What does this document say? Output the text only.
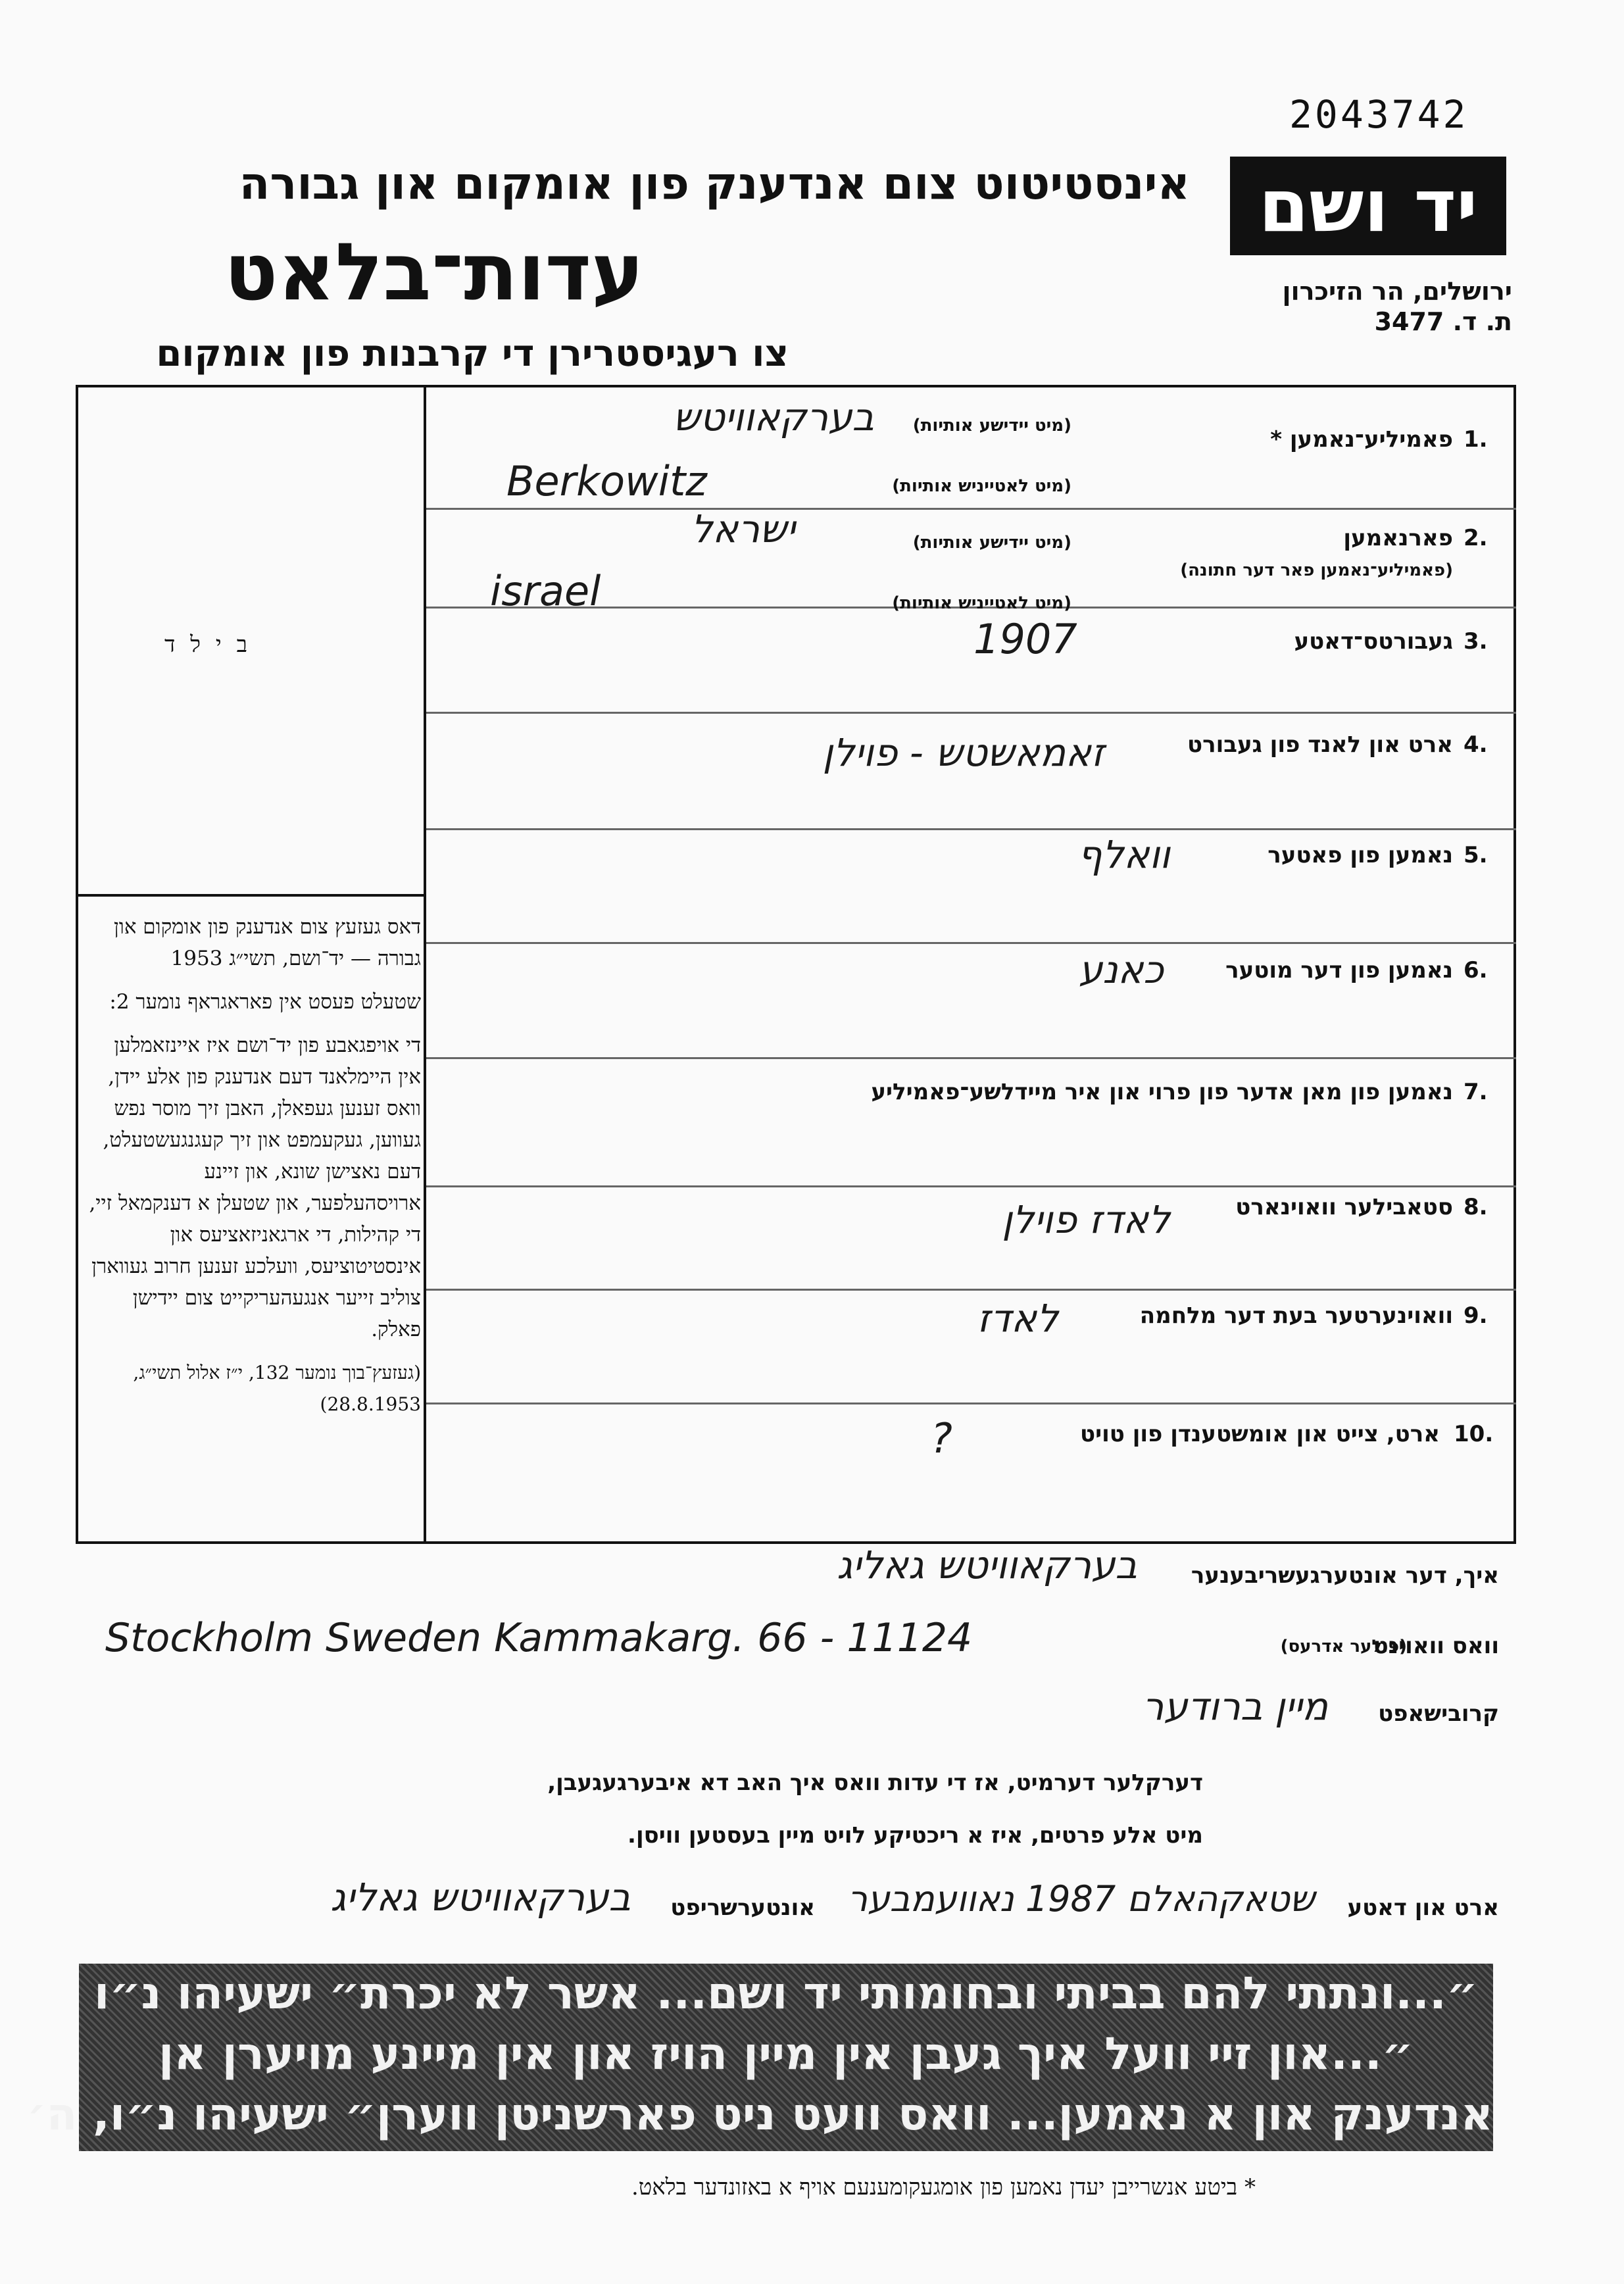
2043742
יד ושם
ירושלים, הר הזיכרון
ת. ד. 3477
אינסטיטוט צום אנדענק פון אומקום און גבורה
עדות־בלאט
צו רעגיסטרירן די קרבנות פון אומקום
ב י ל ד
דאס געזעץ צום אנדענק פון אומקום און גבורה — יד־ושם, תשי״ג 1953
שטעלט פעסט אין פאראגראף נומער 2:
די אויפגאבע פון יד־ושם איז איינזאמלען אין היימלאנד דעם אנדענק פון אלע יידן, וואס זענען געפאלן, האבן זיך מוסר נפש געווען, געקעמפט און זיך קעגנגעשטעלט, דעם נאצישן שונא, און זיינע ארויסהעלפער, און שטעלן א דענקמאל זיי, די קהילות, די ארגאניזאציעס און אינסטיטוציעס, וועלכע זענען חרוב געווארן צוליב זייער אנגעהעריקייט צום יידישן פאלק.
(געזעץ־בוך נומער 132, י״ז אלול תשי״ג, 28.8.1953)
1.
פאמיליע־נאמען *
(מיט יידישע אותיות)
בערקאוויטש
(מיט לאטייניש אותיות)
Berkowitz
2.
פארנאמען
(פאמיליע־נאמען פאר דער חתונה)
(מיט יידישע אותיות)
ישראל
(מיט לאטייניש אותיות)
israel
3.
געבורטס־דאטע
1907
4.
ארט און לאנד פון געבורט
זאמאשטש - פוילן
5.
נאמען פון פאטער
וואלף
6.
נאמען פון דער מוטער
כאנע
7.
נאמען פון מאן אדער פון פרוי און איר מיידלשע־פאמיליע
8.
סטאבילער וואוינארט
לאדז פוילן
9.
וואוינערטער בעת דער מלחמה
לאדז
10.
ארט, צייט און אומשטענדן פון טויט
?
איך, דער אונטערגעשריבענער
בערקאוויטש גאליג
וואס וואוינט
(פולער אדרעס)
Stockholm Sweden Kammakarg. 66 - 11124
קרובישאפט
מיין ברודער
דערקלער דערמיט, אז די עדות וואס איך האב דא איבערגעגעבן,
מיט אלע פרטים, איז א ריכטיקע לויט מיין בעסטען וויסן.
ארט און דאטע
שטאקהאלם 1987 נאוועמבער
אונטערשריפט
בערקאוויטש גאליג
״...ונתתי להם בביתי ובחומותי יד ושם... אשר לא יכרת״ ישעיהו נ״ו
״...און זיי וועל איך געבן אין מיין הויז און אין מיינע מויערן אן
אנדענק און א נאמען... וואס וועט ניט פארשניטן ווערן״ ישעיהו נ״ו, ה׳
* ביטע אנשרייבן יעדן נאמען פון אומגעקומענעם אויף א באזונדער בלאט.
